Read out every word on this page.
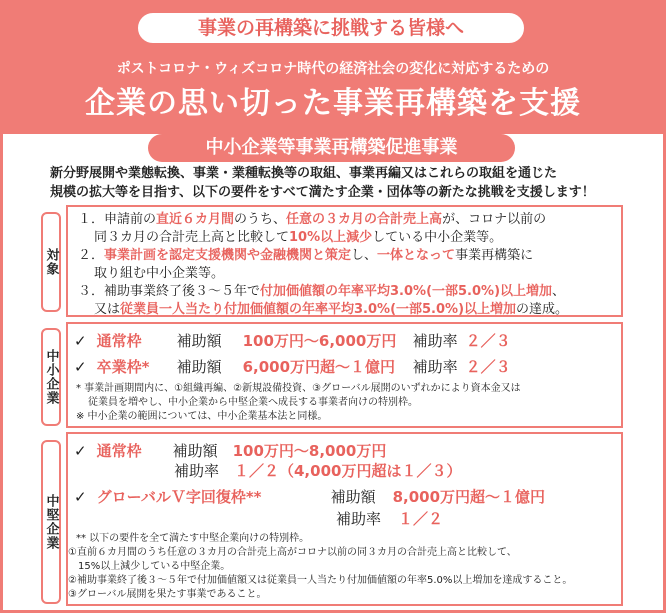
事業の再構築に挑戦する皆様へ
ポストコロナ・ウィズコロナ時代の経済社会の変化に対応するための
企業の思い切った事業再構築を支援
中小企業等事業再構築促進事業
新分野展開や業態転換、事業・業種転換等の取組、事業再編又はこれらの取組を通じた
規模の拡大等を目指す、以下の要件をすべて満たす企業・団体等の新たな挑戦を支援します！
対象
１．申請前の直近６カ月間のうち、任意の３カ月の合計売上高が、コロナ以前の
同３カ月の合計売上高と比較して10%以上減少している中小企業等。
２．事業計画を認定支援機関や金融機関と策定し、一体となって事業再構築に
取り組む中小企業等。
３．補助事業終了後３～５年で付加価値額の年率平均3.0%(一部5.0%)以上増加、
又は従業員一人当たり付加価値額の年率平均3.0%(一部5.0%)以上増加の達成。
中小企業
✓ 通常枠 補助額 100万円～6,000万円 補助率 ２／３
✓ 卒業枠* 補助額 6,000万円超～１億円 補助率 ２／３
* 事業計画期間内に、①組織再編、②新規設備投資、③グローバル展開のいずれかにより資本金又は
従業員を増やし、中小企業から中堅企業へ成長する事業者向けの特別枠。
※ 中小企業の範囲については、中小企業基本法と同様。
中堅企業
✓ 通常枠 補助額 100万円～8,000万円
補助率 １／２（4,000万円超は１／３）
✓ グローバルＶ字回復枠**	補助額 8,000万円超～１億円
補助率 １／２
** 以下の要件を全て満たす中堅企業向けの特別枠。
①直前６カ月間のうち任意の３カ月の合計売上高がコロナ以前の同３カ月の合計売上高と比較して、
15%以上減少している中堅企業。
②補助事業終了後３～５年で付加価値額又は従業員一人当たり付加価値額の年率5.0%以上増加を達成すること。
③グローバル展開を果たす事業であること。
